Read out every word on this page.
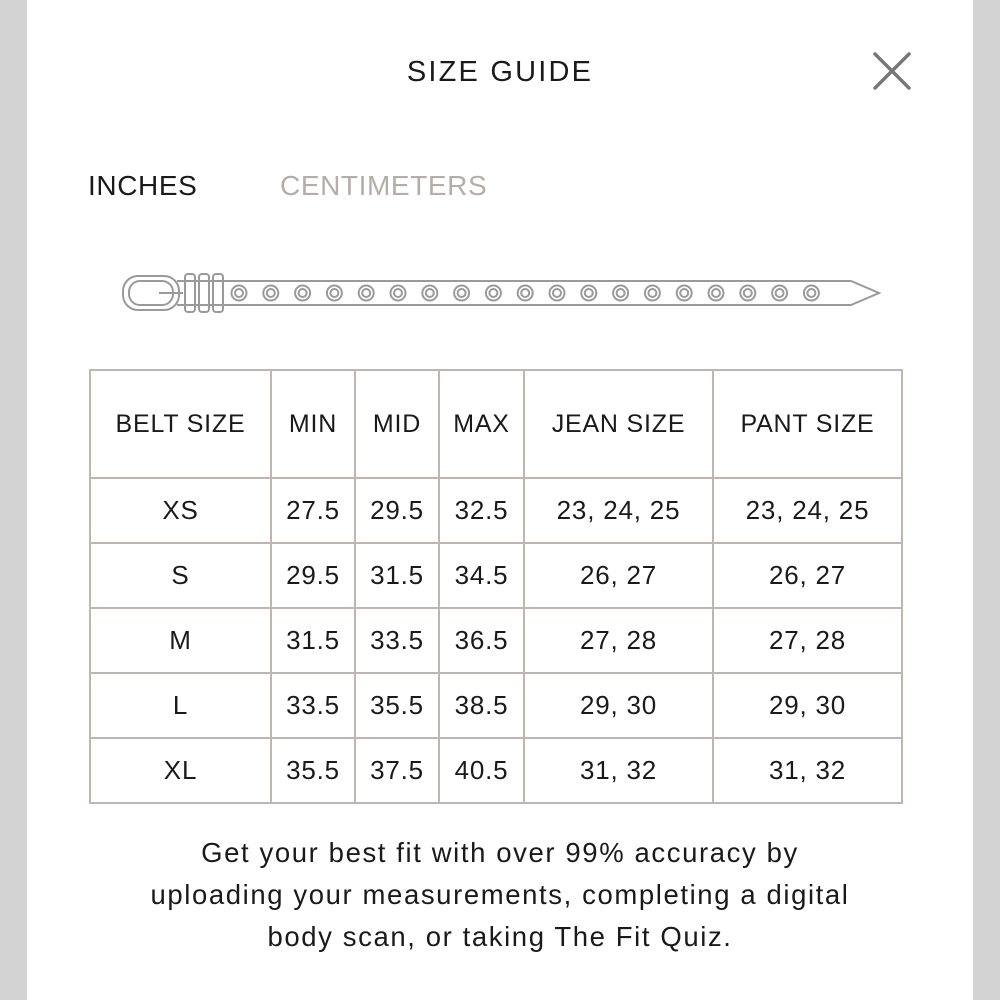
SIZE GUIDE
INCHES	CENTIMETERS
BELT SIZE	MIN	MID	MAX	JEAN SIZE	PANT SIZE
XS	27.5	29.5	32.5	23, 24, 25	23, 24, 25
S	29.5	31.5	34.5	26, 27	26, 27
M	31.5	33.5	36.5	27, 28	27, 28
L	33.5	35.5	38.5	29, 30	29, 30
XL	35.5	37.5	40.5	31, 32	31, 32
Get your best fit with over 99% accuracy by
uploading your measurements, completing a digital
body scan, or taking The Fit Quiz.
